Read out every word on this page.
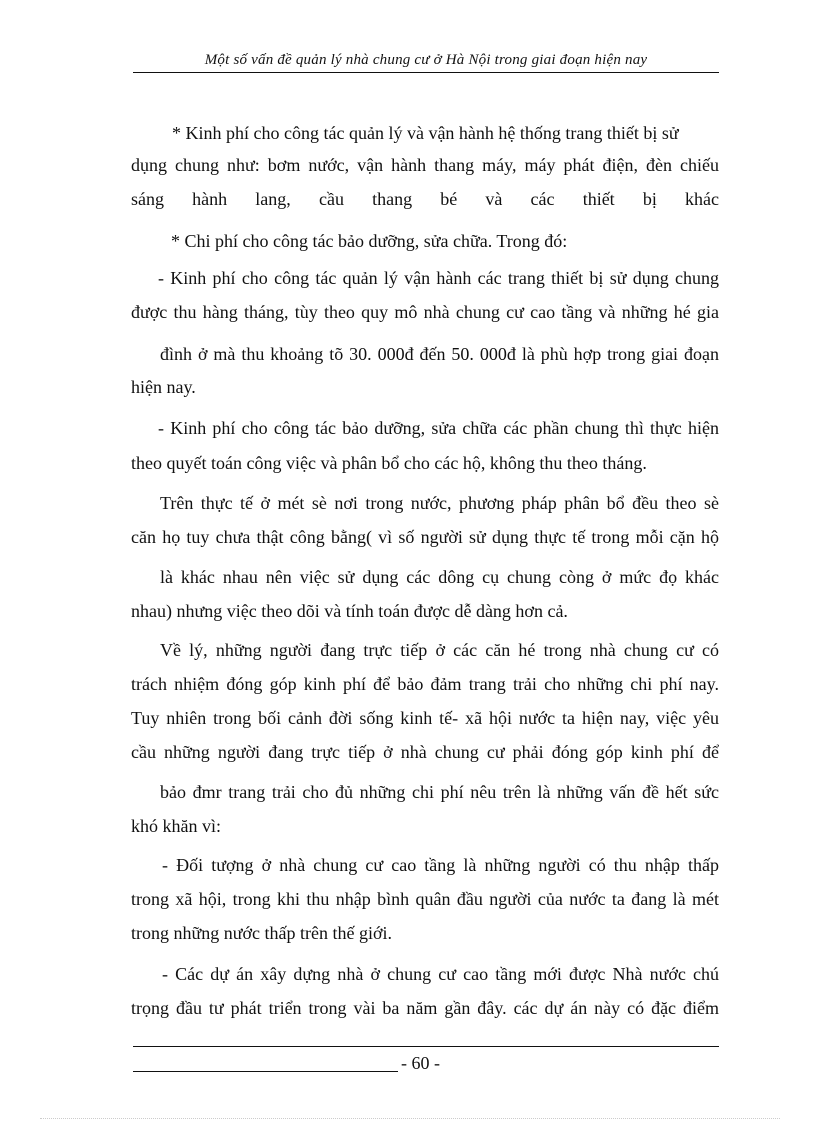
Một số vấn đề quản lý nhà chung cư ở Hà Nội trong giai đoạn hiện nay
* Kinh phí cho công tác quản lý và vận hành hệ thống trang thiết bị sử
dụng chung như: bơm nước, vận hành thang máy, máy phát điện, đèn chiếu
sáng hành lang, cầu thang bé và các thiết bị khác
* Chi phí cho công tác bảo dưỡng, sửa chữa. Trong đó:
- Kinh phí cho công tác quản lý vận hành các trang thiết bị sử dụng chung
được thu hàng tháng, tùy theo quy mô nhà chung cư cao tầng và những hé gia
đình ở mà thu khoảng tõ 30. 000đ đến 50. 000đ là phù hợp trong giai đoạn
hiện nay.
- Kinh phí cho công tác bảo dưỡng, sửa chữa các phần chung thì thực hiện
theo quyết toán công việc và phân bổ cho các hộ, không thu theo tháng.
Trên thực tế ở mét sè nơi trong nước, phương pháp phân bổ đều theo sè
căn họ tuy chưa thật công bằng( vì số người sử dụng thực tế trong mỗi cặn hộ
là khác nhau nên việc sử dụng các dông cụ chung còng ở mức đọ khác
nhau) nhưng việc theo dõi và tính toán được dễ dàng hơn cả.
Về lý, những người đang trực tiếp ở các căn hé trong nhà chung cư có
trách nhiệm đóng góp kinh phí để bảo đảm trang trải cho những chi phí nay.
Tuy nhiên trong bối cảnh đời sống kinh tế- xã hội nước ta hiện nay, việc yêu
cầu những người đang trực tiếp ở nhà chung cư phải đóng góp kinh phí để
bảo đmr trang trải cho đủ những chi phí nêu trên là những vấn đề hết sức
khó khăn vì:
- Đối tượng ở nhà chung cư cao tầng là những người có thu nhập thấp
trong xã hội, trong khi thu nhập bình quân đầu người của nước ta đang là mét
trong những nước thấp trên thế giới.
- Các dự án xây dựng nhà ở chung cư cao tầng mới được Nhà nước chú
trọng đầu tư phát triển trong vài ba năm gần đây. các dự án này có đặc điểm
- 60 -
